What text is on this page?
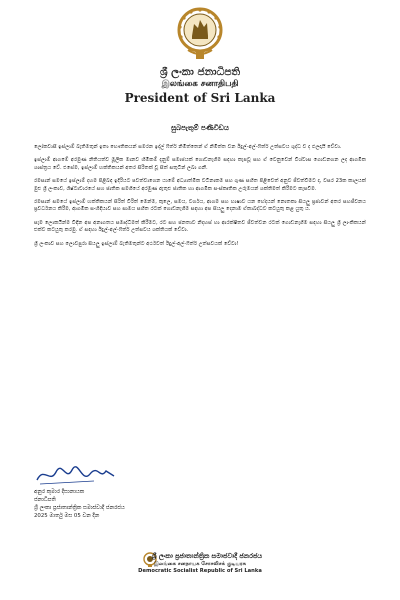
ශ්‍රී ලංකා ජනාධිපති
இலங்கை சனாதிபதி
President of Sri Lanka
සුබපැතුම් පණිවිඩය

ලෝකවාසී ඉස්ලාම් බැතිමතුන් ඉතා භෞතිකයන් සමරන ඉද්ල් ෆිත්ර් නිමිත්තෙන් ඒ නිමිත්ත වන ඊදුල්-අල්-ෆිත්ර් උත්සවය ශුද්ධ ව ද ඵලදායී වේවා.

ඉස්ලාම් ආගමේ අරමුණ නිතියත්ව මූලික මානව හිමිකම් දැනුම් සමාජයක් ගොඩනැගීම සඳහා කැපවූ සහ ඒ වෙනුවෙන් විශ්වාස ගොඩනගන ලද ආගමික ශාස්ත්‍රය වේ. එසේම, ඉස්ලාම් භක්තිකයන් අතර සිරිතක් වූ සිත් සතුටින් ලබා ගනී.

රමසාන් සමයේ ඉස්ලාම් දහම පිළිබඳ ඉදිරියට පවත්වාගෙන යාමේ අධ්‍යාත්මික වටිනාකම සහ ගුණ සහිත පිළිවෙත් අනුව ජීවත්වීමට ද, වසර 23ක කාලයක් මුළු ශ්‍රී ලංකාව, ශිෂ්ටාචාරයේ සහ ජාතික සමගියේ අරමුණ ඇතුළු ජාතික හා ආගමික සංස්කෘතික උරුමයන් ශක්තිමත් කිරීමට කැපවීම.

රමසාන් සමයේ ඉස්ලාම් භක්තිකයන් සිරිත් විරිත් මෙන්ම, කුලෙ, සමය, වර්ගය, ආගම සහ භාෂාව යන භේදයන් නොතකා සියලු ප්‍රජාවන් අතර සහජීවනය ප්‍රවර්ධනය කිරීම, ආගමික සංහිඳියාව සහ සාමය සහිත රටක් ගොඩනැගීම සඳහා අප සියලු දෙනාම ඒකාබද්ධව කටයුතු කළ යුතු ය.

සැම ලොකයින්ම විඳින අප අනාගතය සමෘද්ධිමත් කිරීමට, රට සහ ජනතාව නිදහස් හා ආරක්ෂිතව ජීවත්වන රටක් ගොඩනැගීම සඳහා සියලු ශ්‍රී ලාංකිකයන් එක්ව කටයුතු කරමු. ඒ සඳහා ඊදුල්-අල්-ෆිත්ර් උත්සවය ශක්තියක් වේවා.

ශ්‍රී ලංකාව සහ ලොවපුරා සියලු ඉස්ලාම් බැතිමතුන්ට අර්ථවත් ඊදුල්-අල්-ෆිත්ර් උත්සවයක් වේවා!

අනුර කුමාර දිසානායක
ජනාධිපති
ශ්‍රී ලංකා ප්‍රජාතාන්ත්‍රික සමාජවාදී ජනරජය
2025 මාර්තු මස 05 වන දින
ශ්‍රී ලංකා ප්‍රජාතාන්ත්‍රික සමාජවාදී ජනරජය
இலங்கை சனநாயக சோசலிசக் குடியரசு
Democratic Socialist Republic of Sri Lanka
